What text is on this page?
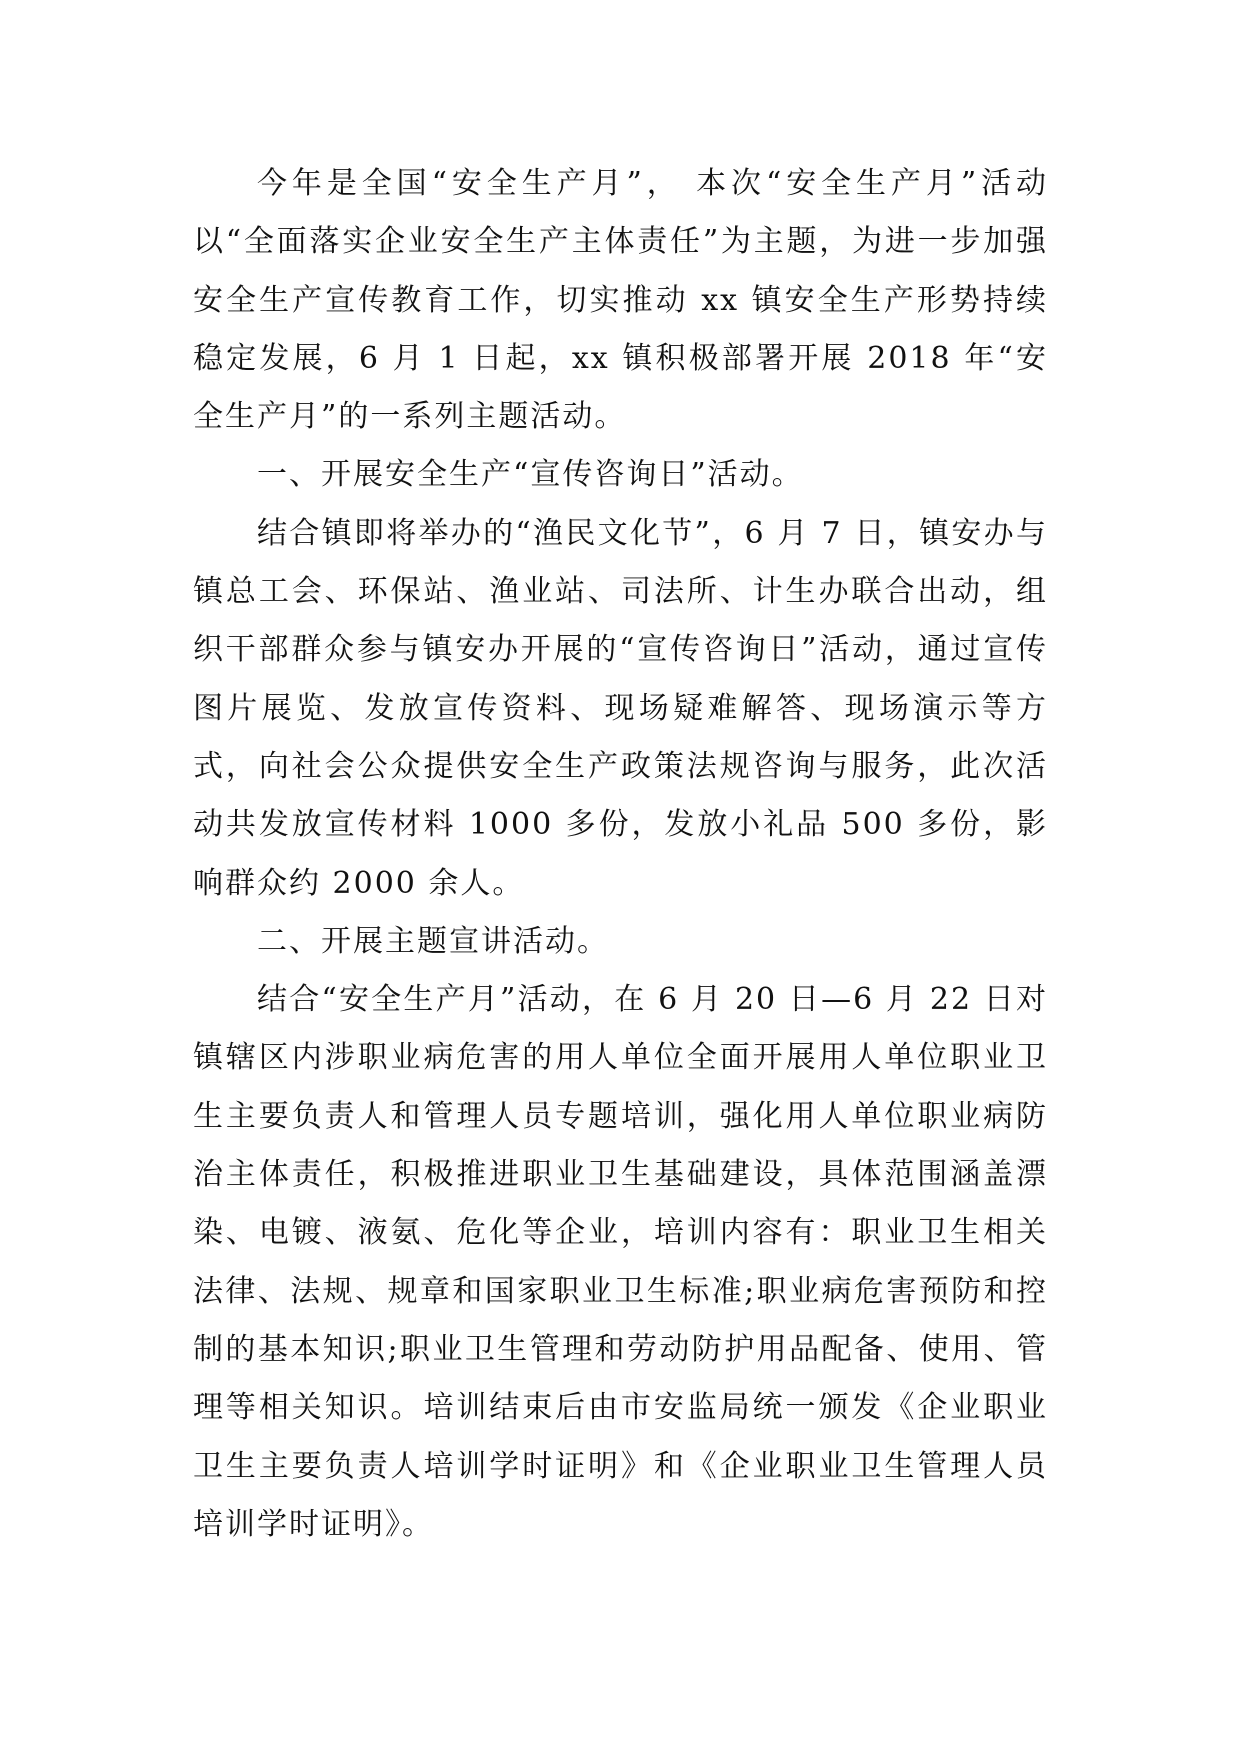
今年是全国“安全生产月”， 本次“安全生产月”活动以“全面落实企业安全生产主体责任”为主题，为进一步加强安全生产宣传教育工作，切实推动 xx 镇安全生产形势持续稳定发展，6 月 1 日起，xx 镇积极部署开展 2018 年“安全生产月”的一系列主题活动。

一、开展安全生产“宣传咨询日”活动。

结合镇即将举办的“渔民文化节”，6 月 7 日，镇安办与镇总工会、环保站、渔业站、司法所、计生办联合出动，组织干部群众参与镇安办开展的“宣传咨询日”活动，通过宣传图片展览、发放宣传资料、现场疑难解答、现场演示等方式，向社会公众提供安全生产政策法规咨询与服务，此次活动共发放宣传材料 1000 多份，发放小礼品 500 多份，影响群众约 2000 余人。

二、开展主题宣讲活动。

结合“安全生产月”活动，在 6 月 20 日—6 月 22 日对镇辖区内涉职业病危害的用人单位全面开展用人单位职业卫生主要负责人和管理人员专题培训，强化用人单位职业病防治主体责任，积极推进职业卫生基础建设，具体范围涵盖漂染、电镀、液氨、危化等企业，培训内容有：职业卫生相关法律、法规、规章和国家职业卫生标准;职业病危害预防和控制的基本知识;职业卫生管理和劳动防护用品配备、使用、管理等相关知识。培训结束后由市安监局统一颁发《企业职业卫生主要负责人培训学时证明》和《企业职业卫生管理人员培训学时证明》。
